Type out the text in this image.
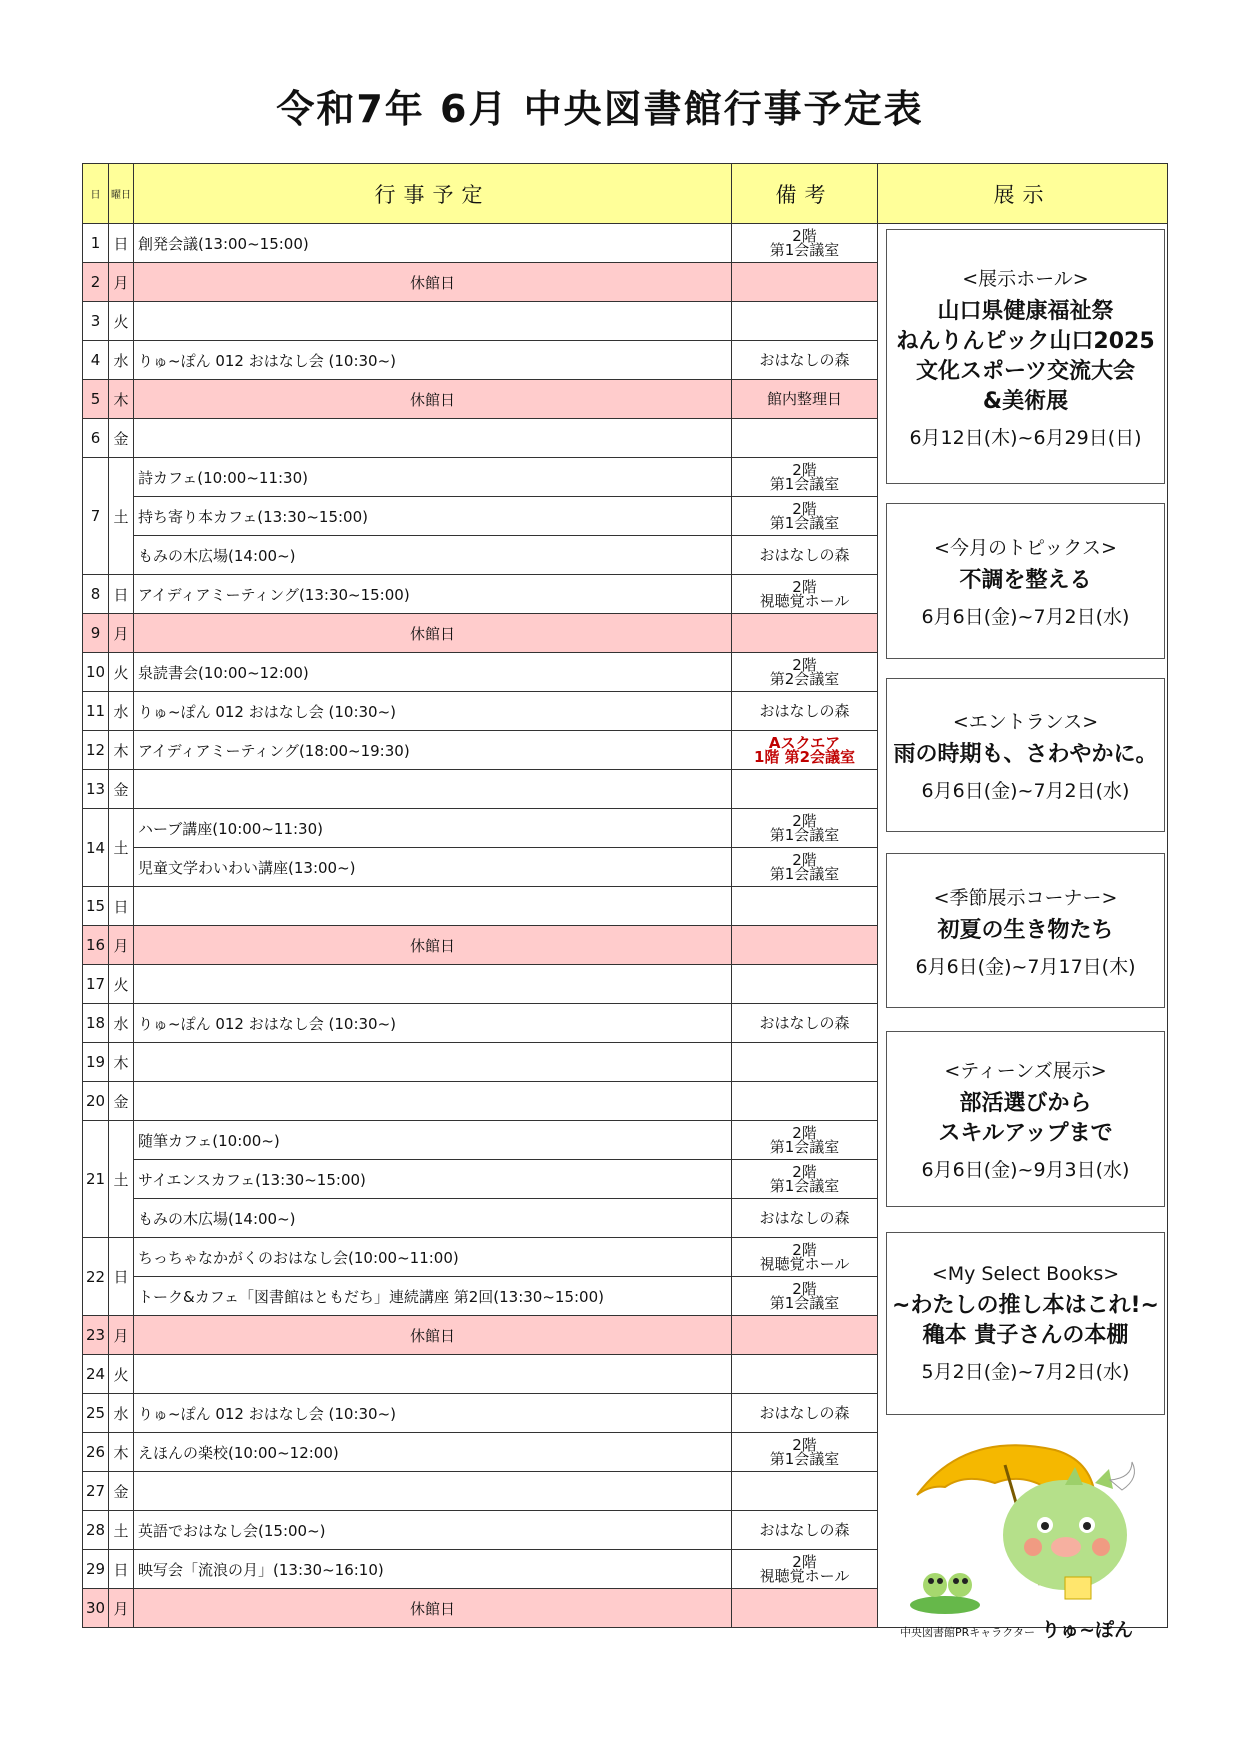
令和7年 6月 中央図書館行事予定表
日	曜日	行事予定	備考	展示
1	日	創発会議(13:00~15:00)	2階
第1会議室	
2	月	休館日		
3	火			
4	水	りゅ~ぽん 012 おはなし会 (10:30~)	おはなしの森	
5	木	休館日	館内整理日	
6	金			
7	土	詩カフェ(10:00~11:30)	2階
第1会議室	
		持ち寄り本カフェ(13:30~15:00)	2階
第1会議室	
		もみの木広場(14:00~)	おはなしの森	
8	日	アイディアミーティング(13:30~15:00)	2階
視聴覚ホール	
9	月	休館日		
10	火	泉読書会(10:00~12:00)	2階
第2会議室	
11	水	りゅ~ぽん 012 おはなし会 (10:30~)	おはなしの森	
12	木	アイディアミーティング(18:00~19:30)	Aスクエア
1階 第2会議室	
13	金			
14	土	ハーブ講座(10:00~11:30)	2階
第1会議室	
		児童文学わいわい講座(13:00~)	2階
第1会議室	
15	日			
16	月	休館日		
17	火			
18	水	りゅ~ぽん 012 おはなし会 (10:30~)	おはなしの森	
19	木			
20	金			
21	土	随筆カフェ(10:00~)	2階
第1会議室	
		サイエンスカフェ(13:30~15:00)	2階
第1会議室	
		もみの木広場(14:00~)	おはなしの森	
22	日	ちっちゃなかがくのおはなし会(10:00~11:00)	2階
視聴覚ホール	
		トーク&カフェ「図書館はともだち」連続講座 第2回(13:30~15:00)	2階
第1会議室	
23	月	休館日		
24	火			
25	水	りゅ~ぽん 012 おはなし会 (10:30~)	おはなしの森	
26	木	えほんの楽校(10:00~12:00)	2階
第1会議室	
27	金			
28	土	英語でおはなし会(15:00~)	おはなしの森	
29	日	映写会「流浪の月」(13:30~16:10)	2階
視聴覚ホール	
30	月	休館日		
<展示ホール>
山口県健康福祉祭
ねんりんピック山口2025
文化スポーツ交流大会
&美術展
6月12日(木)~6月29日(日)
<今月のトピックス>
不調を整える
6月6日(金)~7月2日(水)
<エントランス>
雨の時期も、さわやかに。
6月6日(金)~7月2日(水)
<季節展示コーナー>
初夏の生き物たち
6月6日(金)~7月17日(木)
<ティーンズ展示>
部活選びから
スキルアップまで
6月6日(金)~9月3日(水)
<My Select Books>
~わたしの推し本はこれ!~
穐本 貴子さんの本棚
5月2日(金)~7月2日(水)
中央図書館PRキャラクター りゅ~ぽん
